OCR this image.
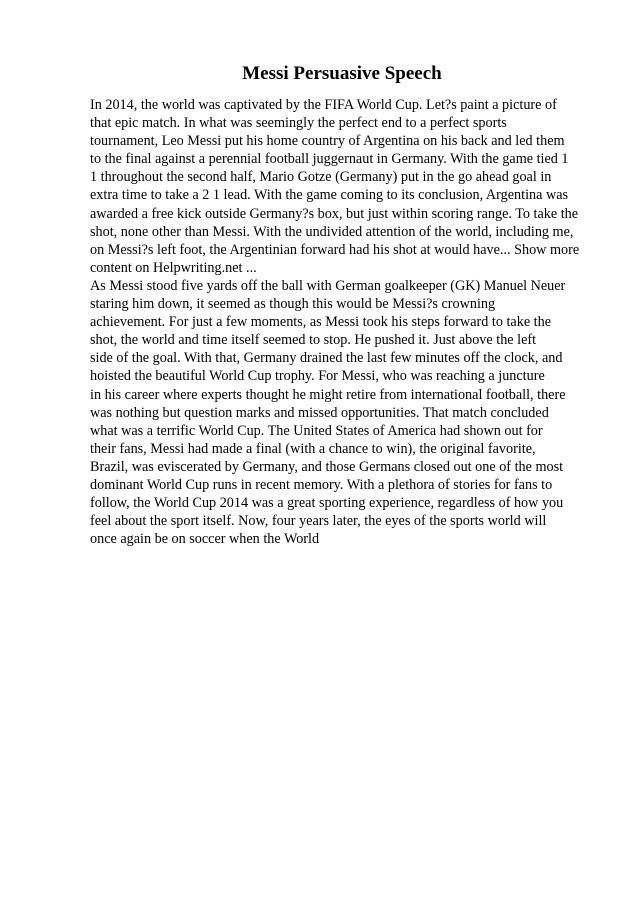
Messi Persuasive Speech
In 2014, the world was captivated by the FIFA World Cup. Let?s paint a picture of
that epic match. In what was seemingly the perfect end to a perfect sports
tournament, Leo Messi put his home country of Argentina on his back and led them
to the final against a perennial football juggernaut in Germany. With the game tied 1
1 throughout the second half, Mario Gotze (Germany) put in the go ahead goal in
extra time to take a 2 1 lead. With the game coming to its conclusion, Argentina was
awarded a free kick outside Germany?s box, but just within scoring range. To take the
shot, none other than Messi. With the undivided attention of the world, including me,
on Messi?s left foot, the Argentinian forward had his shot at would have... Show more
content on Helpwriting.net ...
As Messi stood five yards off the ball with German goalkeeper (GK) Manuel Neuer
staring him down, it seemed as though this would be Messi?s crowning
achievement. For just a few moments, as Messi took his steps forward to take the
shot, the world and time itself seemed to stop. He pushed it. Just above the left
side of the goal. With that, Germany drained the last few minutes off the clock, and
hoisted the beautiful World Cup trophy. For Messi, who was reaching a juncture
in his career where experts thought he might retire from international football, there
was nothing but question marks and missed opportunities. That match concluded
what was a terrific World Cup. The United States of America had shown out for
their fans, Messi had made a final (with a chance to win), the original favorite,
Brazil, was eviscerated by Germany, and those Germans closed out one of the most
dominant World Cup runs in recent memory. With a plethora of stories for fans to
follow, the World Cup 2014 was a great sporting experience, regardless of how you
feel about the sport itself. Now, four years later, the eyes of the sports world will
once again be on soccer when the World
